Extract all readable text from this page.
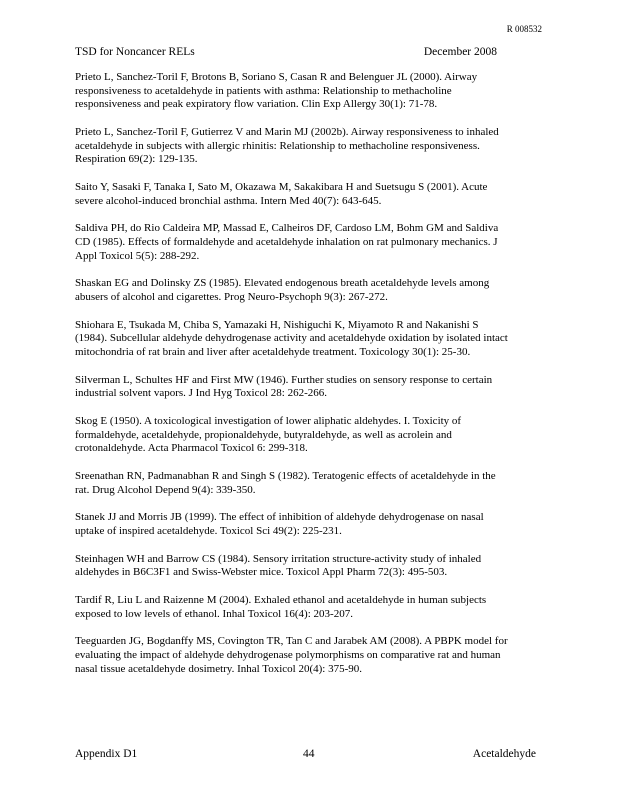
R 008532
TSD for Noncancer RELs	December 2008
Prieto L, Sanchez-Toril F, Brotons B, Soriano S, Casan R and Belenguer JL (2000). Airway responsiveness to acetaldehyde in patients with asthma: Relationship to methacholine responsiveness and peak expiratory flow variation. Clin Exp Allergy 30(1): 71-78.
Prieto L, Sanchez-Toril F, Gutierrez V and Marin MJ (2002b). Airway responsiveness to inhaled acetaldehyde in subjects with allergic rhinitis: Relationship to methacholine responsiveness. Respiration 69(2): 129-135.
Saito Y, Sasaki F, Tanaka I, Sato M, Okazawa M, Sakakibara H and Suetsugu S (2001). Acute severe alcohol-induced bronchial asthma. Intern Med 40(7): 643-645.
Saldiva PH, do Rio Caldeira MP, Massad E, Calheiros DF, Cardoso LM, Bohm GM and Saldiva CD (1985). Effects of formaldehyde and acetaldehyde inhalation on rat pulmonary mechanics. J Appl Toxicol 5(5): 288-292.
Shaskan EG and Dolinsky ZS (1985). Elevated endogenous breath acetaldehyde levels among abusers of alcohol and cigarettes. Prog Neuro-Psychoph 9(3): 267-272.
Shiohara E, Tsukada M, Chiba S, Yamazaki H, Nishiguchi K, Miyamoto R and Nakanishi S (1984). Subcellular aldehyde dehydrogenase activity and acetaldehyde oxidation by isolated intact mitochondria of rat brain and liver after acetaldehyde treatment. Toxicology 30(1): 25-30.
Silverman L, Schultes HF and First MW (1946). Further studies on sensory response to certain industrial solvent vapors. J Ind Hyg Toxicol 28: 262-266.
Skog E (1950). A toxicological investigation of lower aliphatic aldehydes. I. Toxicity of formaldehyde, acetaldehyde, propionaldehyde, butyraldehyde, as well as acrolein and crotonaldehyde. Acta Pharmacol Toxicol 6: 299-318.
Sreenathan RN, Padmanabhan R and Singh S (1982). Teratogenic effects of acetaldehyde in the rat. Drug Alcohol Depend 9(4): 339-350.
Stanek JJ and Morris JB (1999). The effect of inhibition of aldehyde dehydrogenase on nasal uptake of inspired acetaldehyde. Toxicol Sci 49(2): 225-231.
Steinhagen WH and Barrow CS (1984). Sensory irritation structure-activity study of inhaled aldehydes in B6C3F1 and Swiss-Webster mice. Toxicol Appl Pharm 72(3): 495-503.
Tardif R, Liu L and Raizenne M (2004). Exhaled ethanol and acetaldehyde in human subjects exposed to low levels of ethanol. Inhal Toxicol 16(4): 203-207.
Teeguarden JG, Bogdanffy MS, Covington TR, Tan C and Jarabek AM (2008). A PBPK model for evaluating the impact of aldehyde dehydrogenase polymorphisms on comparative rat and human nasal tissue acetaldehyde dosimetry. Inhal Toxicol 20(4): 375-90.
Appendix D1	44	Acetaldehyde
